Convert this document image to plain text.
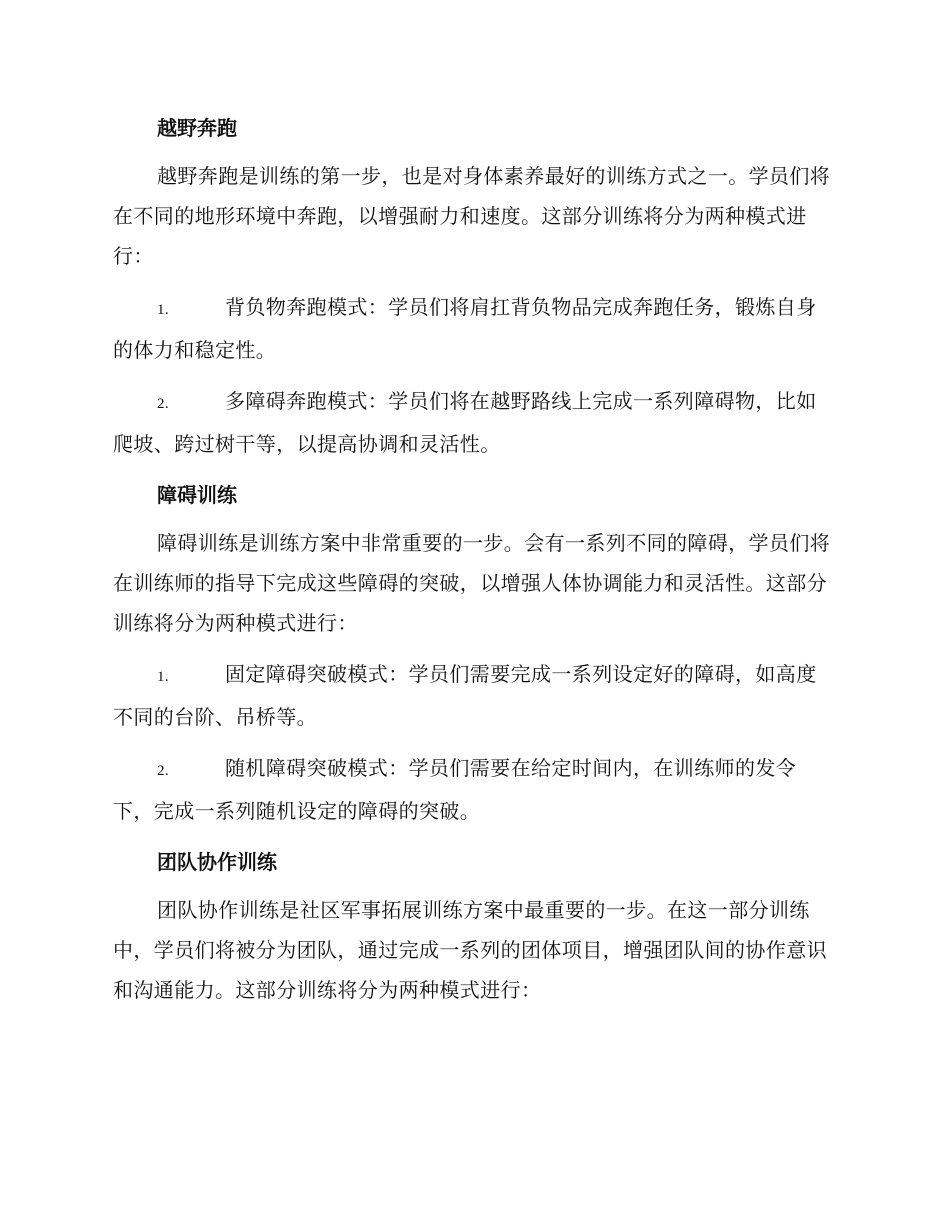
越野奔跑

越野奔跑是训练的第一步，也是对身体素养最好的训练方式之一。学员们将在不同的地形环境中奔跑，以增强耐力和速度。这部分训练将分为两种模式进行：

1.	背负物奔跑模式：学员们将肩扛背负物品完成奔跑任务，锻炼自身的体力和稳定性。

2.	多障碍奔跑模式：学员们将在越野路线上完成一系列障碍物，比如爬坡、跨过树干等，以提高协调和灵活性。

障碍训练

障碍训练是训练方案中非常重要的一步。会有一系列不同的障碍，学员们将在训练师的指导下完成这些障碍的突破，以增强人体协调能力和灵活性。这部分训练将分为两种模式进行：

1.	固定障碍突破模式：学员们需要完成一系列设定好的障碍，如高度不同的台阶、吊桥等。

2.	随机障碍突破模式：学员们需要在给定时间内，在训练师的发令下，完成一系列随机设定的障碍的突破。

团队协作训练

团队协作训练是社区军事拓展训练方案中最重要的一步。在这一部分训练中，学员们将被分为团队，通过完成一系列的团体项目，增强团队间的协作意识和沟通能力。这部分训练将分为两种模式进行：
